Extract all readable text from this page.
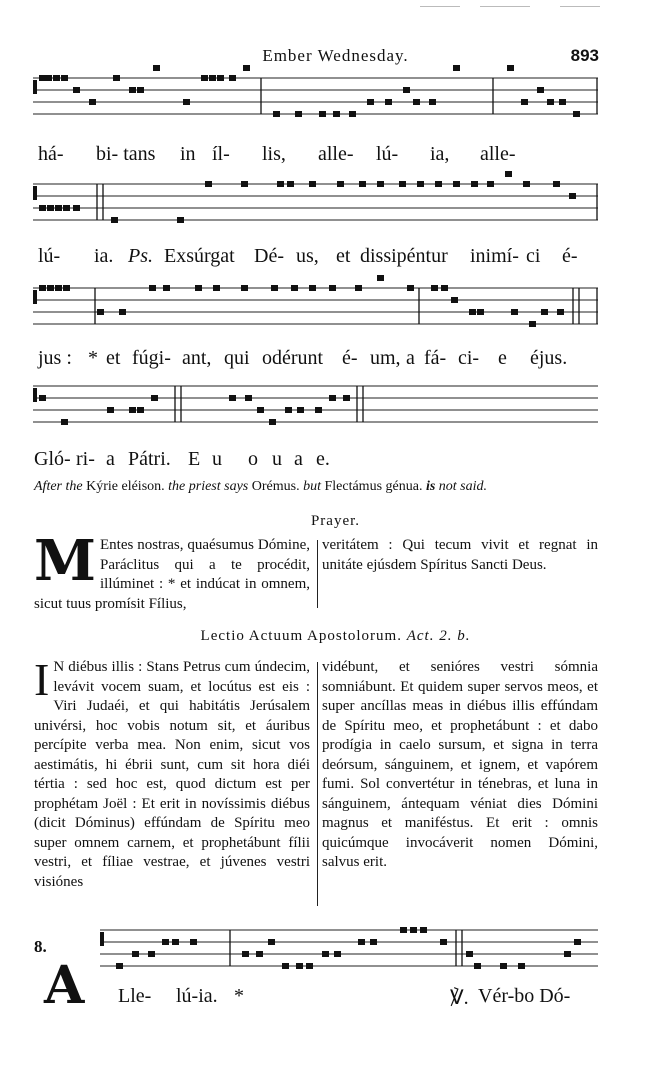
Ember Wednesday.	893
há- bi- tans in íl- lis, alle- lú- ia, alle-
lú- ia. Ps. Exsúrgat Dé- us, et dissipéntur inimí- ci é-
jus : * et fúgi- ant, qui odérunt é- um, a fá- ci- e éjus.
Gló- ri- a Pátri. E u o u a e.
After the Kýrie eléison. the priest says Orémus. but Flectámus génua. is not said.
Prayer.
M Entes nostras, quaésumus Dómine, Paráclitus qui a te procédit, illúminet : * et indúcat in omnem, sicut tuus promísit Fílius,
veritátem : Qui tecum vivit et regnat in unitáte ejúsdem Spíritus Sancti Deus.
Lectio Actuum Apostolorum. Act. 2. b.
I N diébus illis : Stans Petrus cum úndecim, levávit vocem suam, et locútus est eis : Viri Judaéi, et qui habitátis Jerúsalem univérsi, hoc vobis notum sit, et áuribus percípite verba mea. Non enim, sicut vos aestimátis, hi ébrii sunt, cum sit hora diéi tértia : sed hoc est, quod dictum est per prophétam Joël : Et erit in novíssimis diébus (dicit Dóminus) effúndam de Spíritu meo super omnem carnem, et prophetábunt fílii vestri, et fíliae vestrae, et júvenes vestri visiónes
vidébunt, et senióres vestri sómnia somniábunt. Et quidem super servos meos, et super ancíllas meas in diébus illis effúndam de Spíritu meo, et prophetábunt : et dabo prodígia in caelo sursum, et signa in terra deórsum, sánguinem, et ignem, et vapórem fumi. Sol convertétur in ténebras, et luna in sánguinem, ántequam véniat dies Dómini magnus et maniféstus. Et erit : omnis quicúmque invocáverit nomen Dómini, salvus erit.
8.
A Lle- lú-ia. *	℣. Vér-bo Dó-
